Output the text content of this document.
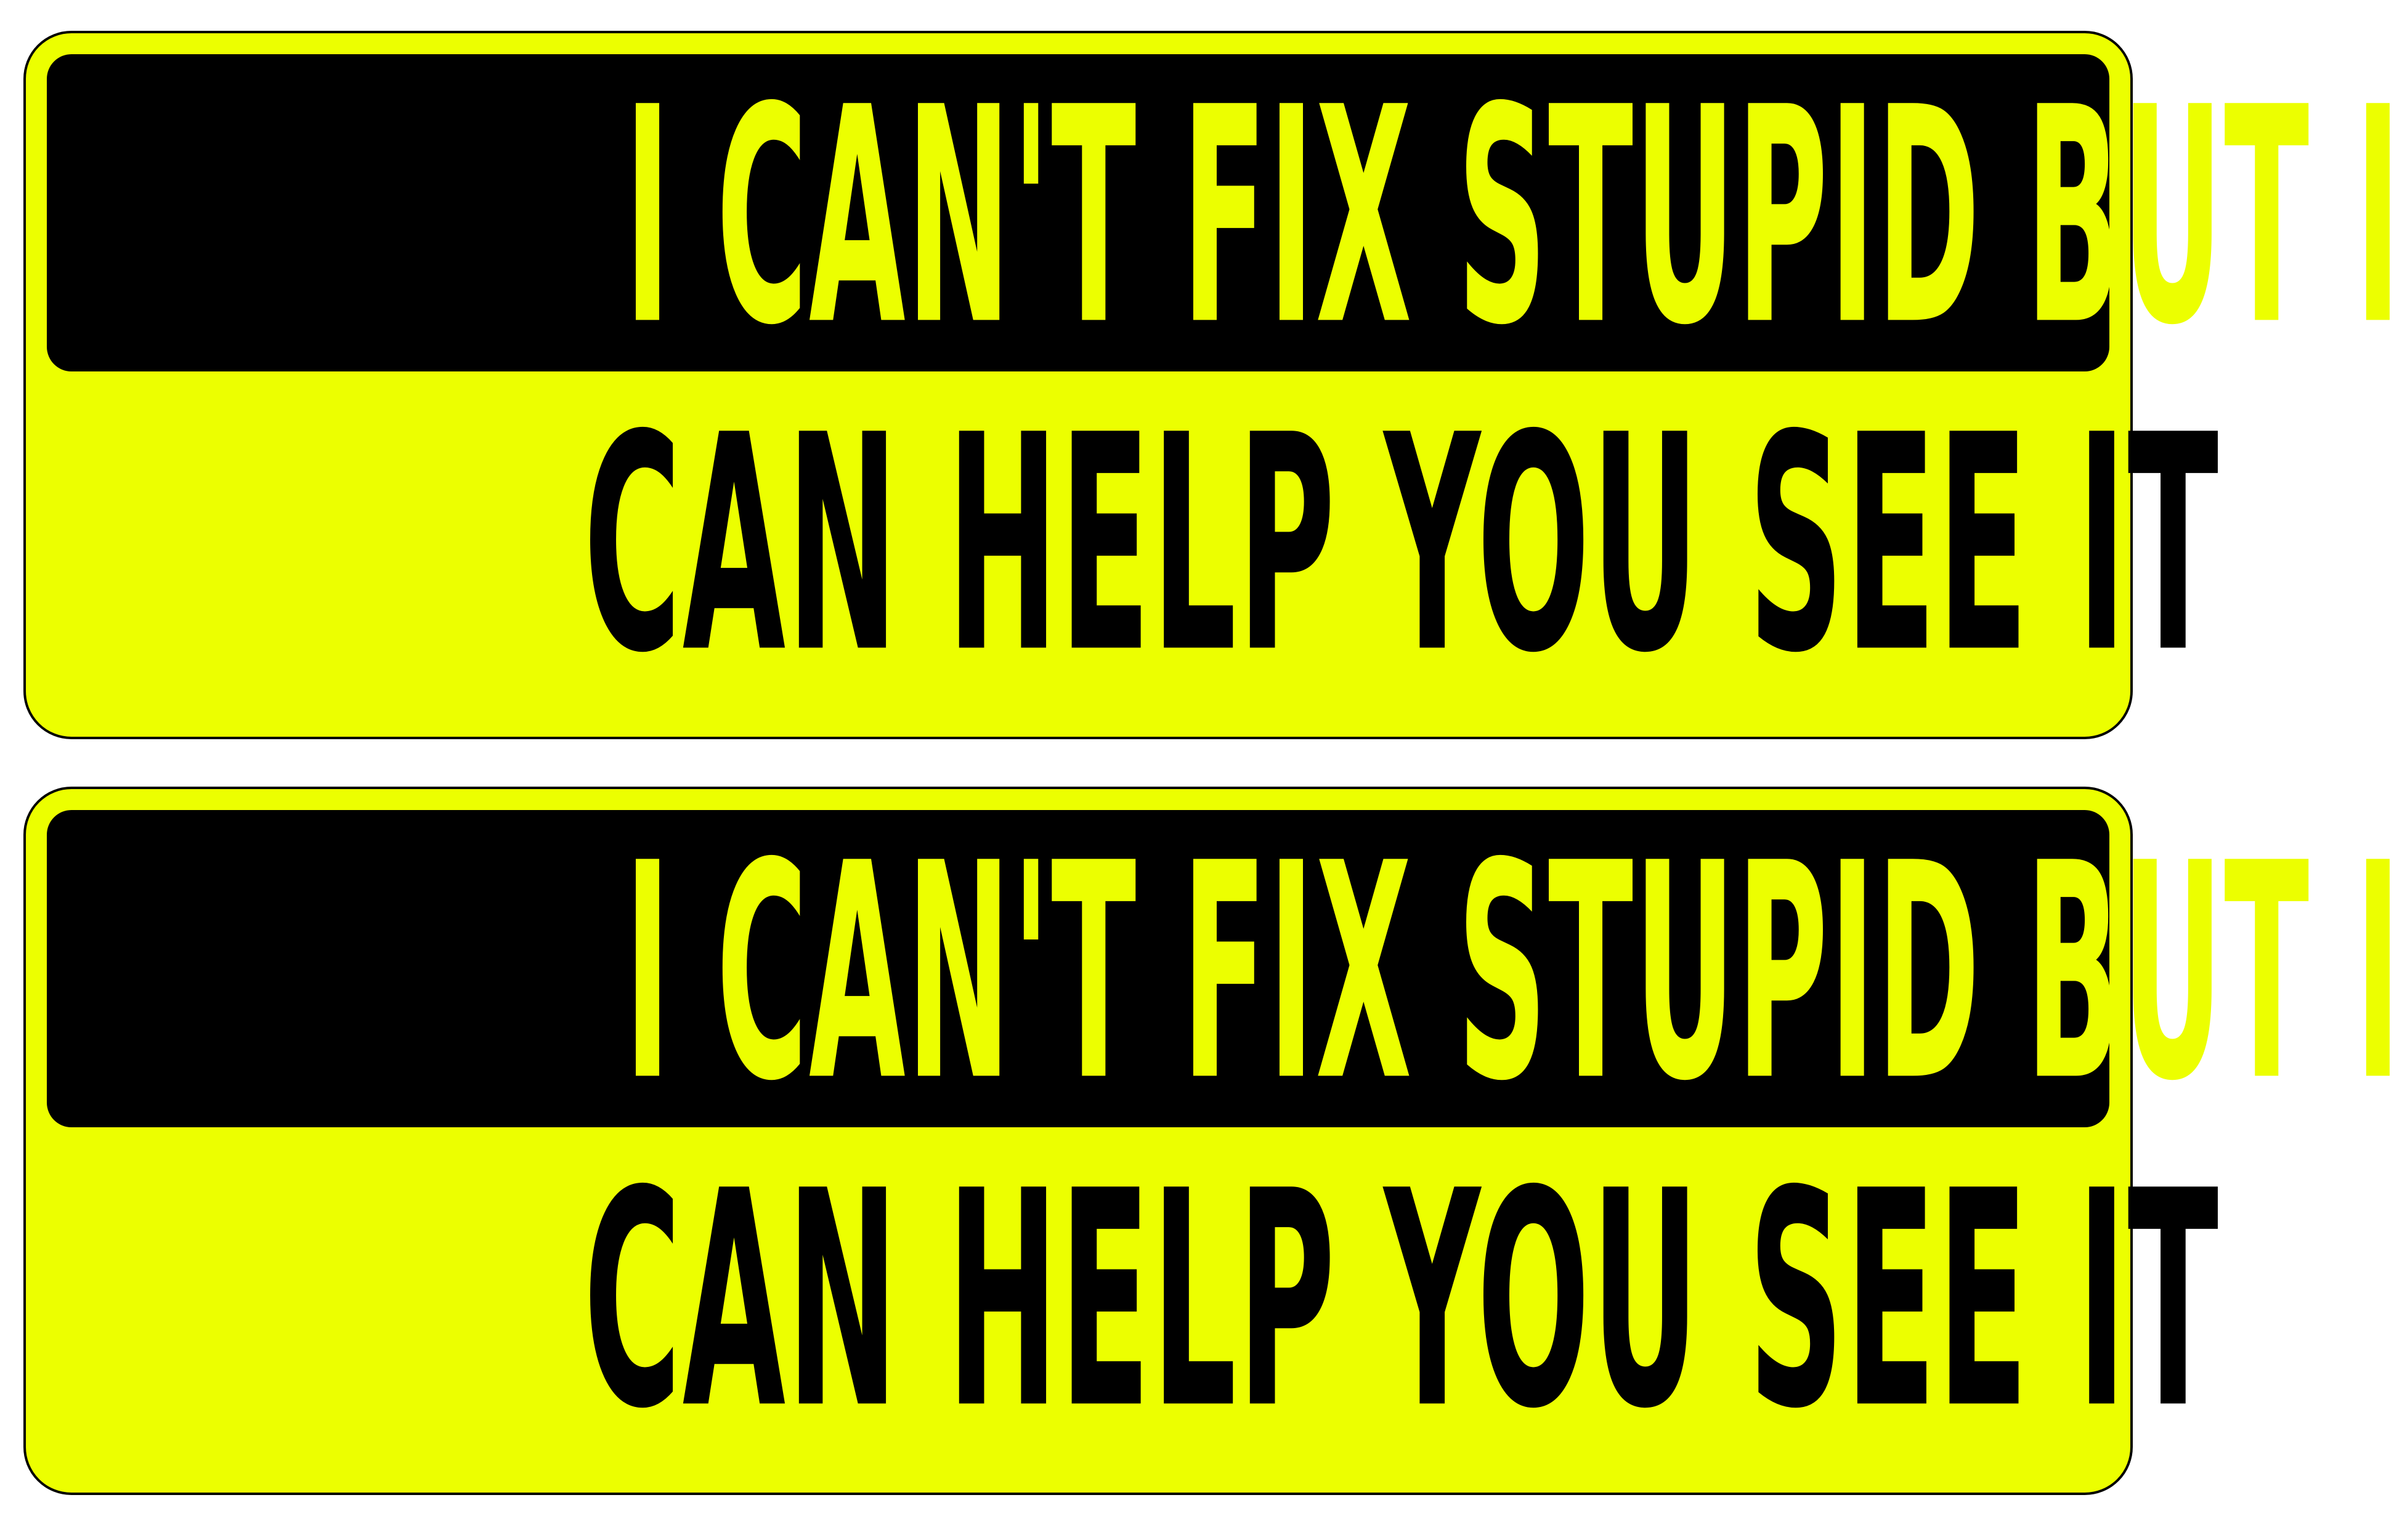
I CAN'T FIX STUPID BUT I
CAN HELP YOU SEE IT
I CAN'T FIX STUPID BUT I
CAN HELP YOU SEE IT
